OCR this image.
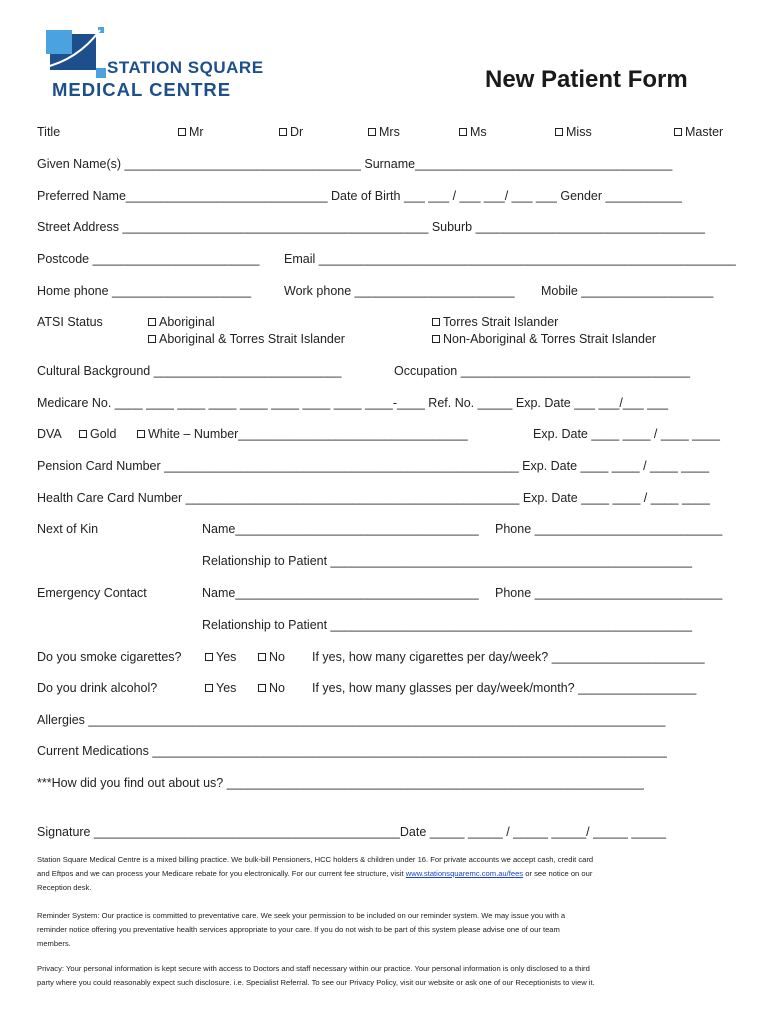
STATION SQUARE
MEDICAL CENTRE	New Patient Form
Title	Mr	Dr	Mrs	Ms	Miss	Master
Given Name(s) __________________________________ Surname_____________________________________
Preferred Name_____________________________ Date of Birth ___ ___ / ___ ___/ ___ ___ Gender ___________
Street Address ____________________________________________ Suburb _________________________________
Postcode ________________________ Email ____________________________________________________________
Home phone ____________________	Work phone _______________________ Mobile ___________________
ATSI Status	Aboriginal	Torres Strait Islander
Aboriginal & Torres Strait Islander	Non-Aboriginal & Torres Strait Islander
Cultural Background ___________________________	Occupation _________________________________
Medicare No. ____ ____ ____ ____ ____ ____ ____ ____ ____-____ Ref. No. _____ Exp. Date ___ ___/___ ___
DVA	Gold	White – Number_________________________________	Exp. Date ____ ____ / ____ ____
Pension Card Number ___________________________________________________ Exp. Date ____ ____ / ____ ____
Health Care Card Number ________________________________________________ Exp. Date ____ ____ / ____ ____
Next of Kin	Name___________________________________ Phone ___________________________
Relationship to Patient ____________________________________________________
Emergency Contact	Name___________________________________ Phone ___________________________
Relationship to Patient ____________________________________________________
Do you smoke cigarettes?	Yes	No If yes, how many cigarettes per day/week? ______________________
Do you drink alcohol?	Yes	No If yes, how many glasses per day/week/month? _________________
Allergies ___________________________________________________________________________________
Current Medications __________________________________________________________________________
***How did you find out about us? ____________________________________________________________
Signature ____________________________________________Date _____ _____ / _____ _____/ _____ _____
Station Square Medical Centre is a mixed billing practice. We bulk-bill Pensioners, HCC holders & children under 16. For private accounts we accept cash, credit card
and Eftpos and we can process your Medicare rebate for you electronically. For our current fee structure, visit www.stationsquaremc.com.au/fees or see notice on our
Reception desk.
Reminder System: Our practice is committed to preventative care. We seek your permission to be included on our reminder system. We may issue you with a
reminder notice offering you preventative health services appropriate to your care. If you do not wish to be part of this system please advise one of our team
members.
Privacy: Your personal information is kept secure with access to Doctors and staff necessary within our practice. Your personal information is only disclosed to a third
party where you could reasonably expect such disclosure. i.e. Specialist Referral. To see our Privacy Policy, visit our website or ask one of our Receptionists to view it.
